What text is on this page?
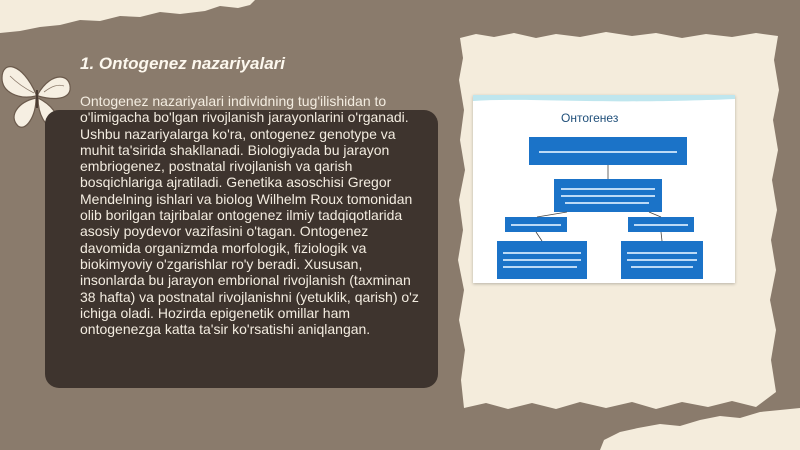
1. Ontogenez nazariyalari

Ontogenez nazariyalari individning tug'ilishidan to o'limigacha bo'lgan rivojlanish jarayonlarini o'rganadi. Ushbu nazariyalarga ko'ra, ontogenez genotype va muhit ta'sirida shakllanadi. Biologiyada bu jarayon embriogenez, postnatal rivojlanish va qarish bosqichlariga ajratiladi. Genetika asoschisi Gregor Mendelning ishlari va biolog Wilhelm Roux tomonidan olib borilgan tajribalar ontogenez ilmiy tadqiqotlarida asosiy poydevor vazifasini o'tagan. Ontogenez davomida organizmda morfologik, fiziologik va biokimyoviy o'zgarishlar ro'y beradi. Xususan, insonlarda bu jarayon embrional rivojlanish (taxminan 38 hafta) va postnatal rivojlanishni (yetuklik, qarish) o'z ichiga oladi. Hozirda epigenetik omillar ham ontogenezga katta ta'sir ko'rsatishi aniqlangan.

Онтогенез
